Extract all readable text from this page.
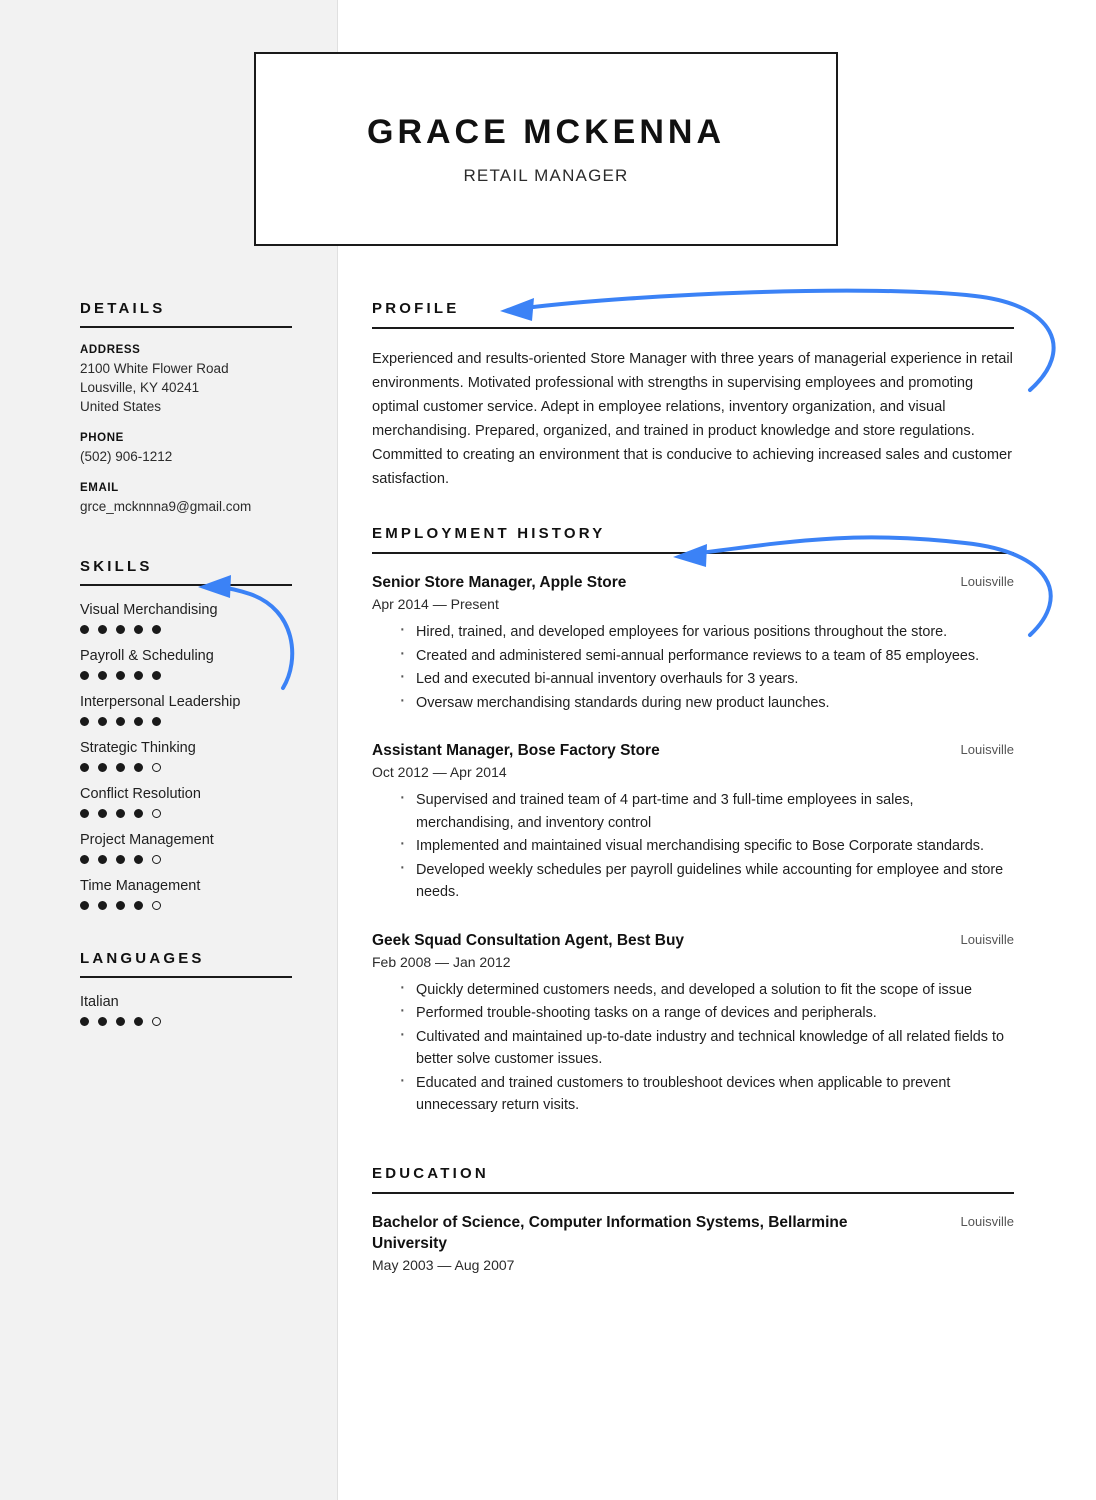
GRACE MCKENNA
RETAIL MANAGER
DETAILS
ADDRESS
2100 White Flower Road
Lousville, KY 40241
United States
PHONE
(502) 906-1212
EMAIL
grce_mcknnna9@gmail.com
SKILLS
Visual Merchandising
Payroll & Scheduling
Interpersonal Leadership
Strategic Thinking
Conflict Resolution
Project Management
Time Management
LANGUAGES
Italian
PROFILE
Experienced and results-oriented Store Manager with three years of managerial experience in retail environments. Motivated professional with strengths in supervising employees and promoting optimal customer service. Adept in employee relations, inventory organization, and visual merchandising. Prepared, organized, and trained in product knowledge and store regulations. Committed to creating an environment that is conducive to achieving increased sales and customer satisfaction.
EMPLOYMENT HISTORY
Senior Store Manager, Apple Store	Louisville
Apr 2014 — Present
· Hired, trained, and developed employees for various positions throughout the store.
· Created and administered semi-annual performance reviews to a team of 85 employees.
· Led and executed bi-annual inventory overhauls for 3 years.
· Oversaw merchandising standards during new product launches.
Assistant Manager, Bose Factory Store	Louisville
Oct 2012 — Apr 2014
· Supervised and trained team of 4 part-time and 3 full-time employees in sales, merchandising, and inventory control
· Implemented and maintained visual merchandising specific to Bose Corporate standards.
· Developed weekly schedules per payroll guidelines while accounting for employee and store needs.
Geek Squad Consultation Agent, Best Buy	Louisville
Feb 2008 — Jan 2012
· Quickly determined customers needs, and developed a solution to fit the scope of issue
· Performed trouble-shooting tasks on a range of devices and peripherals.
· Cultivated and maintained up-to-date industry and technical knowledge of all related fields to better solve customer issues.
· Educated and trained customers to troubleshoot devices when applicable to prevent unnecessary return visits.
EDUCATION
Bachelor of Science, Computer Information Systems, Bellarmine University
Louisville
May 2003 — Aug 2007
